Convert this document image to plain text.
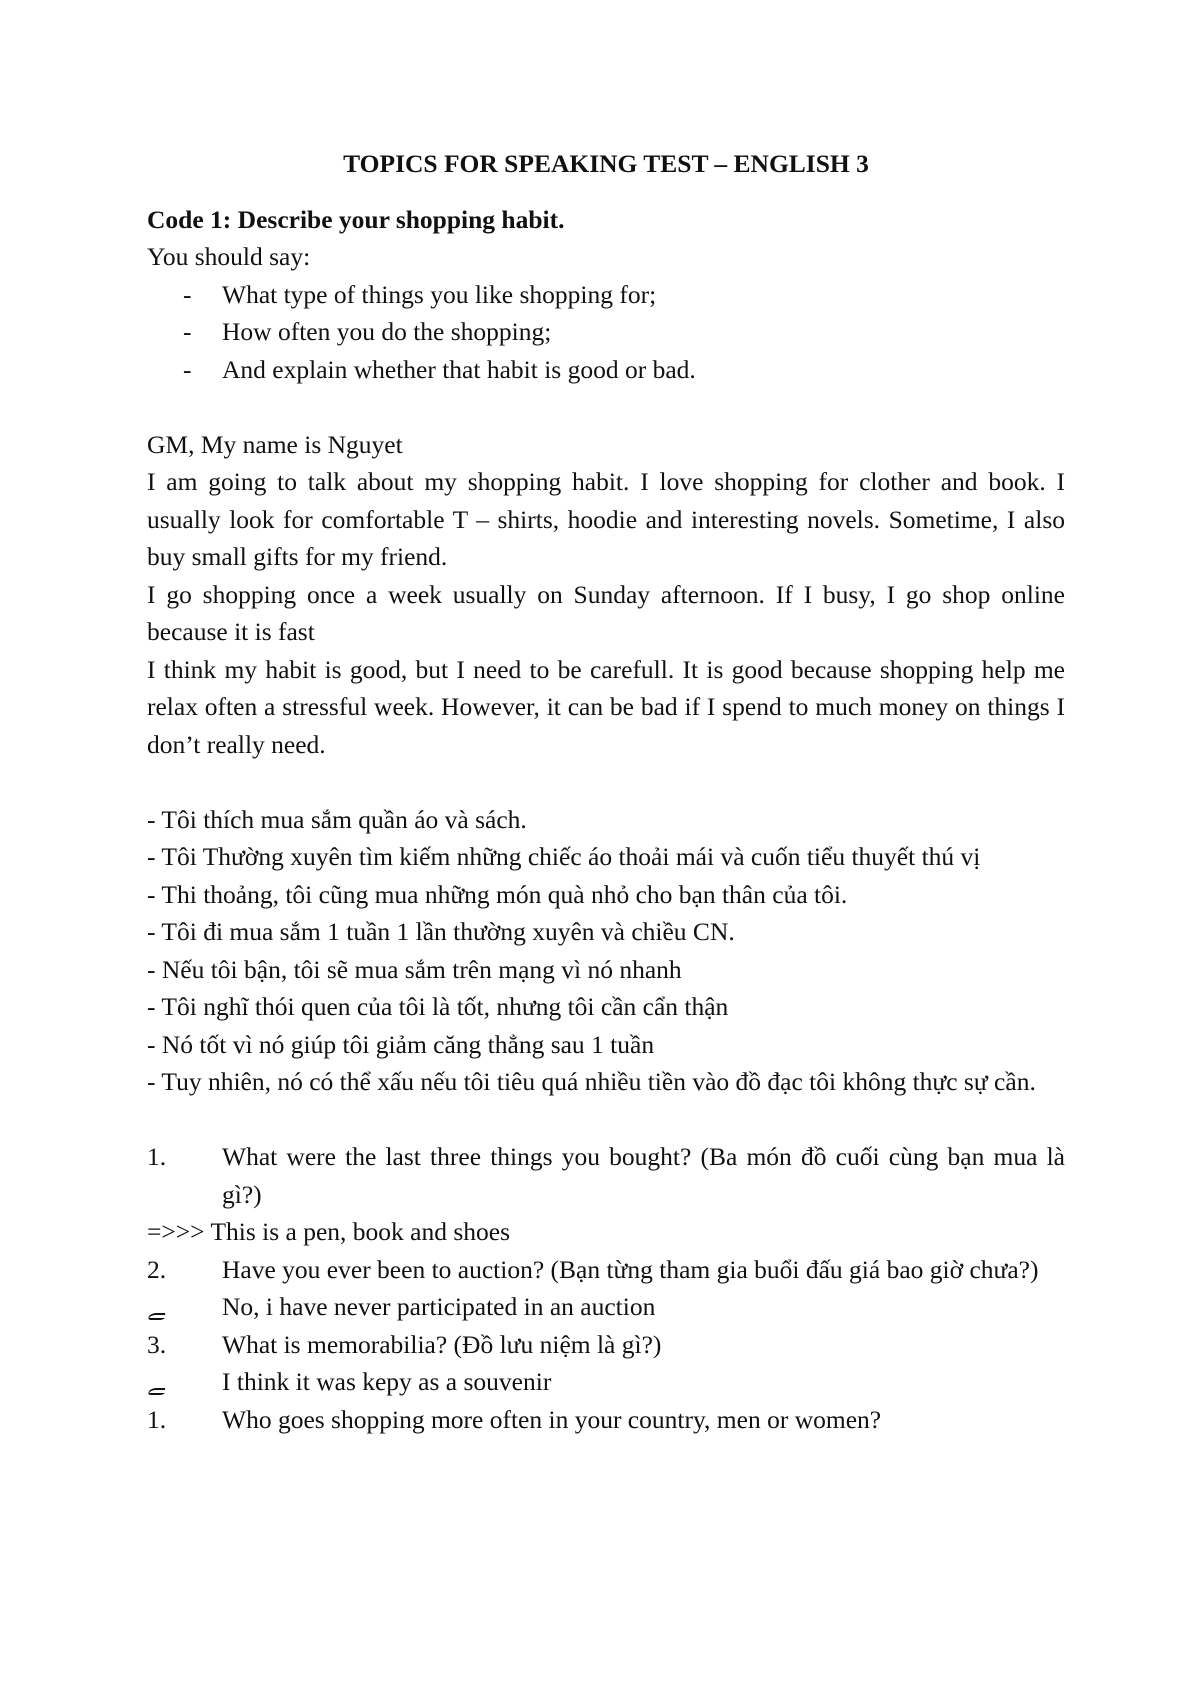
TOPICS FOR SPEAKING TEST – ENGLISH 3

Code 1: Describe your shopping habit.

You should say:

-	What type of things you like shopping for;
-	How often you do the shopping;
-	And explain whether that habit is good or bad.

GM, My name is Nguyet

I am going to talk about my shopping habit. I love shopping for clother and book. I usually look for comfortable T – shirts, hoodie and interesting novels. Sometime, I also buy small gifts for my friend.

I go shopping once a week usually on Sunday afternoon. If I busy, I go shop online because it is fast

I think my habit is good, but I need to be carefull. It is good because shopping help me relax often a stressful week. However, it can be bad if I spend to much money on things I don’t really need.

- Tôi thích mua sắm quần áo và sách.

- Tôi Thường xuyên tìm kiếm những chiếc áo thoải mái và cuốn tiểu thuyết thú vị

- Thi thoảng, tôi cũng mua những món quà nhỏ cho bạn thân của tôi.

- Tôi đi mua sắm 1 tuần 1 lần thường xuyên và chiều CN.

- Nếu tôi bận, tôi sẽ mua sắm trên mạng vì nó nhanh

- Tôi nghĩ thói quen của tôi là tốt, nhưng tôi cần cẩn thận

- Nó tốt vì nó giúp tôi giảm căng thẳng sau 1 tuần

- Tuy nhiên, nó có thể xấu nếu tôi tiêu quá nhiều tiền vào đồ đạc tôi không thực sự cần.

1.	What were the last three things you bought? (Ba món đồ cuối cùng bạn mua là gì?)

=>>> This is a pen, book and shoes

2.	Have you ever been to auction? (Bạn từng tham gia buổi đấu giá bao giờ chưa?)
ﮯ	No, i have never participated in an auction
3.	What is memorabilia? (Đồ lưu niệm là gì?)
ﮯ	I think it was kepy as a souvenir
1.	Who goes shopping more often in your country, men or women?
